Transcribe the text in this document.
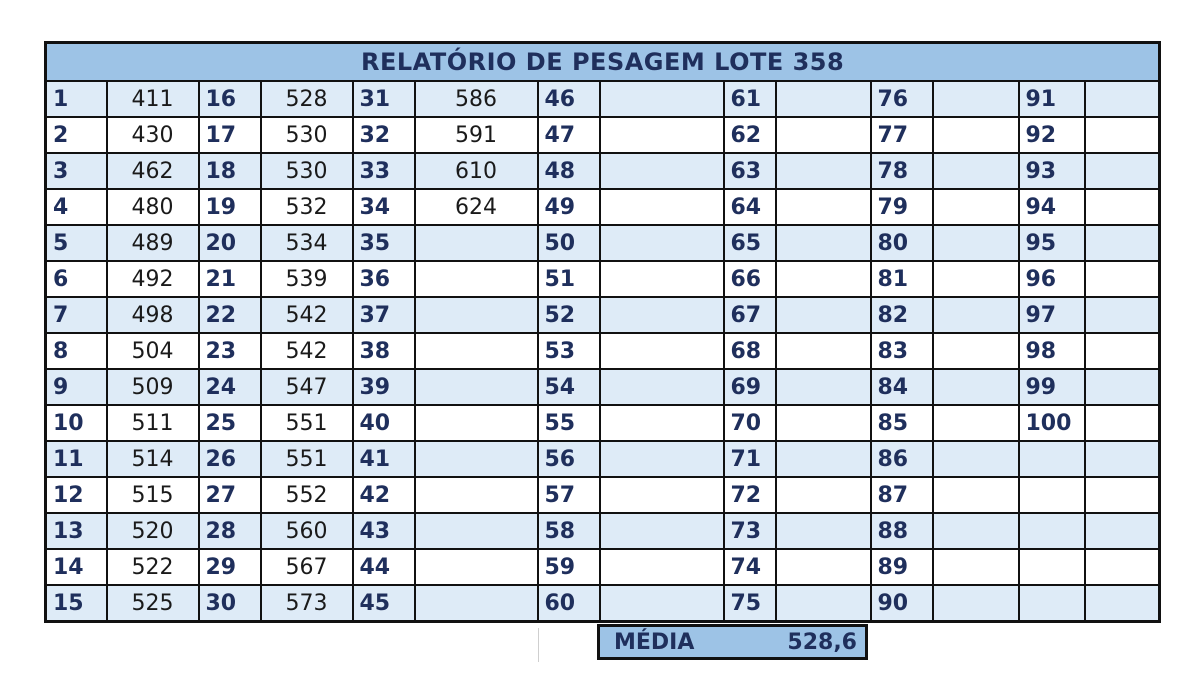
RELATÓRIO DE PESAGEM LOTE 358													
1	411	16	528	31	586	46		61		76		91	
2	430	17	530	32	591	47		62		77		92	
3	462	18	530	33	610	48		63		78		93	
4	480	19	532	34	624	49		64		79		94	
5	489	20	534	35		50		65		80		95	
6	492	21	539	36		51		66		81		96	
7	498	22	542	37		52		67		82		97	
8	504	23	542	38		53		68		83		98	
9	509	24	547	39		54		69		84		99	
10	511	25	551	40		55		70		85		100	
11	514	26	551	41		56		71		86			
12	515	27	552	42		57		72		87			
13	520	28	560	43		58		73		88			
14	522	29	567	44		59		74		89			
15	525	30	573	45		60		75		90			
MÉDIA	528,6
